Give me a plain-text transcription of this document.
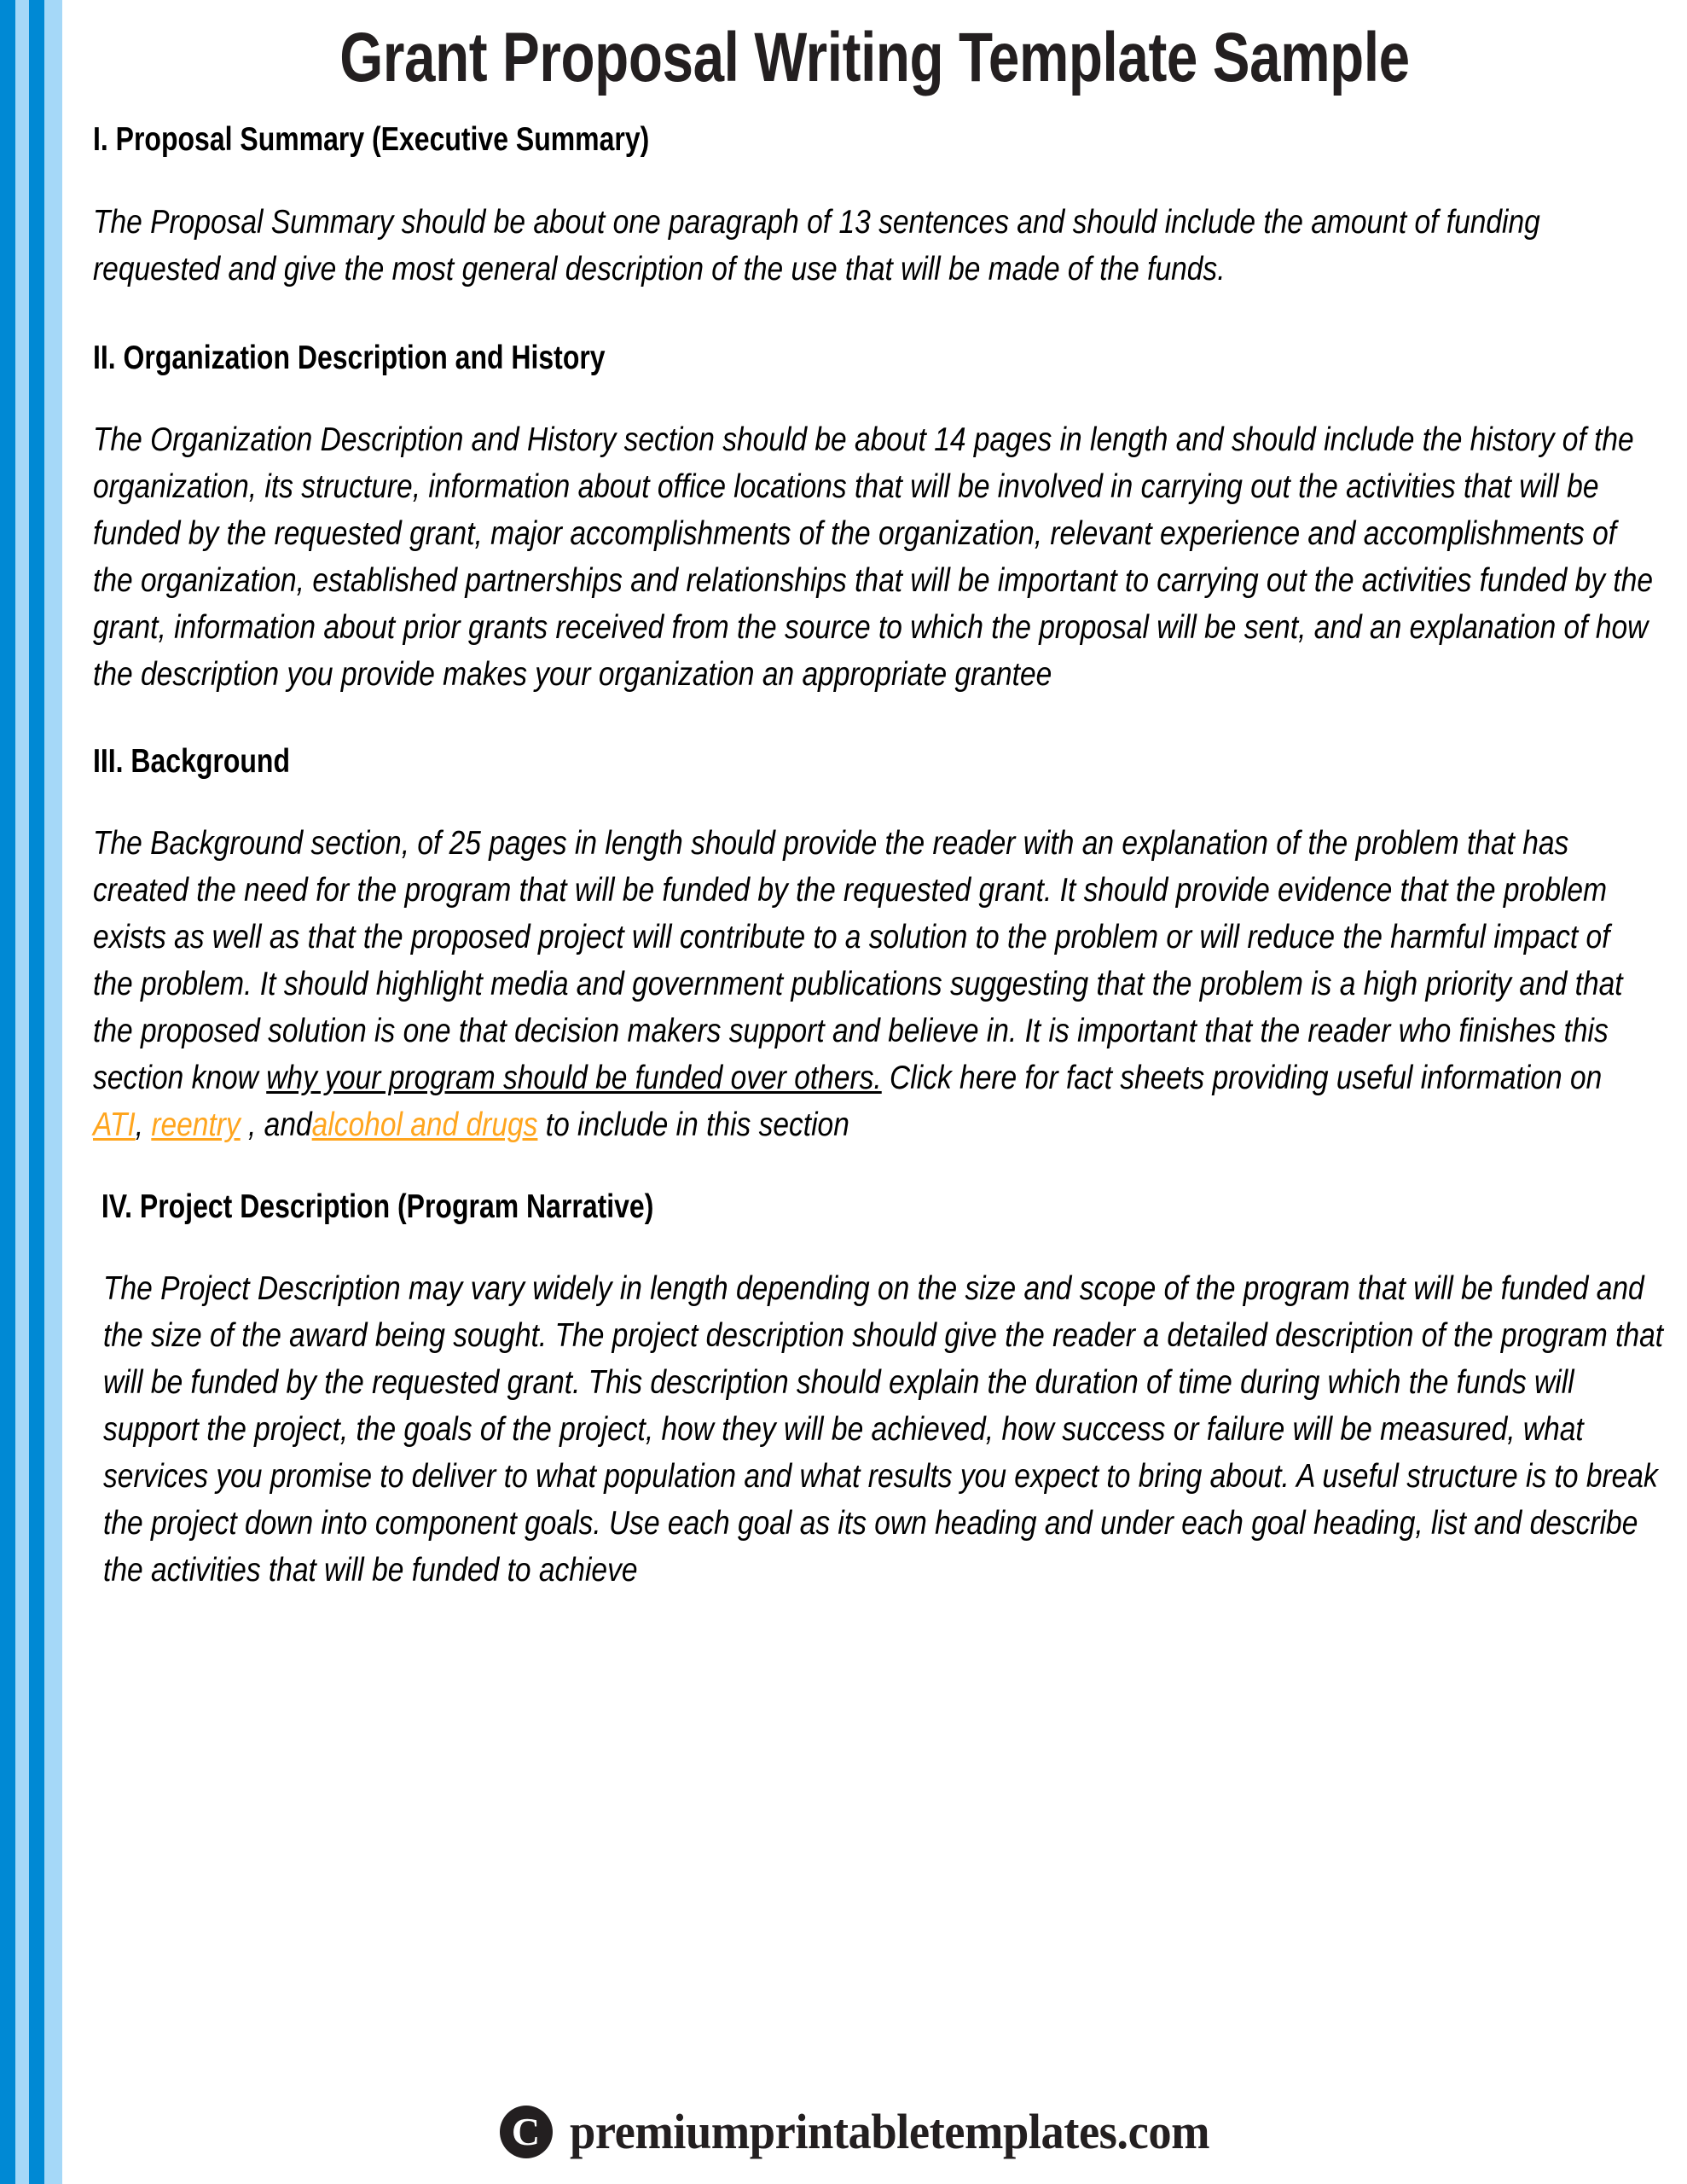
Grant Proposal Writing Template Sample
I. Proposal Summary (Executive Summary)

The Proposal Summary should be about one paragraph of 13 sentences and should include the amount of funding requested and give the most general description of the use that will be made of the funds.

II. Organization Description and History

The Organization Description and History section should be about 14 pages in length and should include the history of the organization, its structure, information about office locations that will be involved in carrying out the activities that will be funded by the requested grant, major accomplishments of the organization, relevant experience and accomplishments of the organization, established partnerships and relationships that will be important to carrying out the activities funded by the grant, information about prior grants received from the source to which the proposal will be sent, and an explanation of how the description you provide makes your organization an appropriate grantee

III. Background

The Background section, of 25 pages in length should provide the reader with an explanation of the problem that has created the need for the program that will be funded by the requested grant. It should provide evidence that the problem exists as well as that the proposed project will contribute to a solution to the problem or will reduce the harmful impact of the problem. It should highlight media and government publications suggesting that the problem is a high priority and that the proposed solution is one that decision makers support and believe in. It is important that the reader who finishes this section know why your program should be funded over others. Click here for fact sheets providing useful information on ATI, reentry , andalcohol and drugs to include in this section

IV. Project Description (Program Narrative)

The Project Description may vary widely in length depending on the size and scope of the program that will be funded and the size of the award being sought. The project description should give the reader a detailed description of the program that will be funded by the requested grant. This description should explain the duration of time during which the funds will support the project, the goals of the project, how they will be achieved, how success or failure will be measured, what services you promise to deliver to what population and what results you expect to bring about. A useful structure is to break the project down into component goals. Use each goal as its own heading and under each goal heading, list and describe the activities that will be funded to achieve

C premiumprintabletemplates.com
